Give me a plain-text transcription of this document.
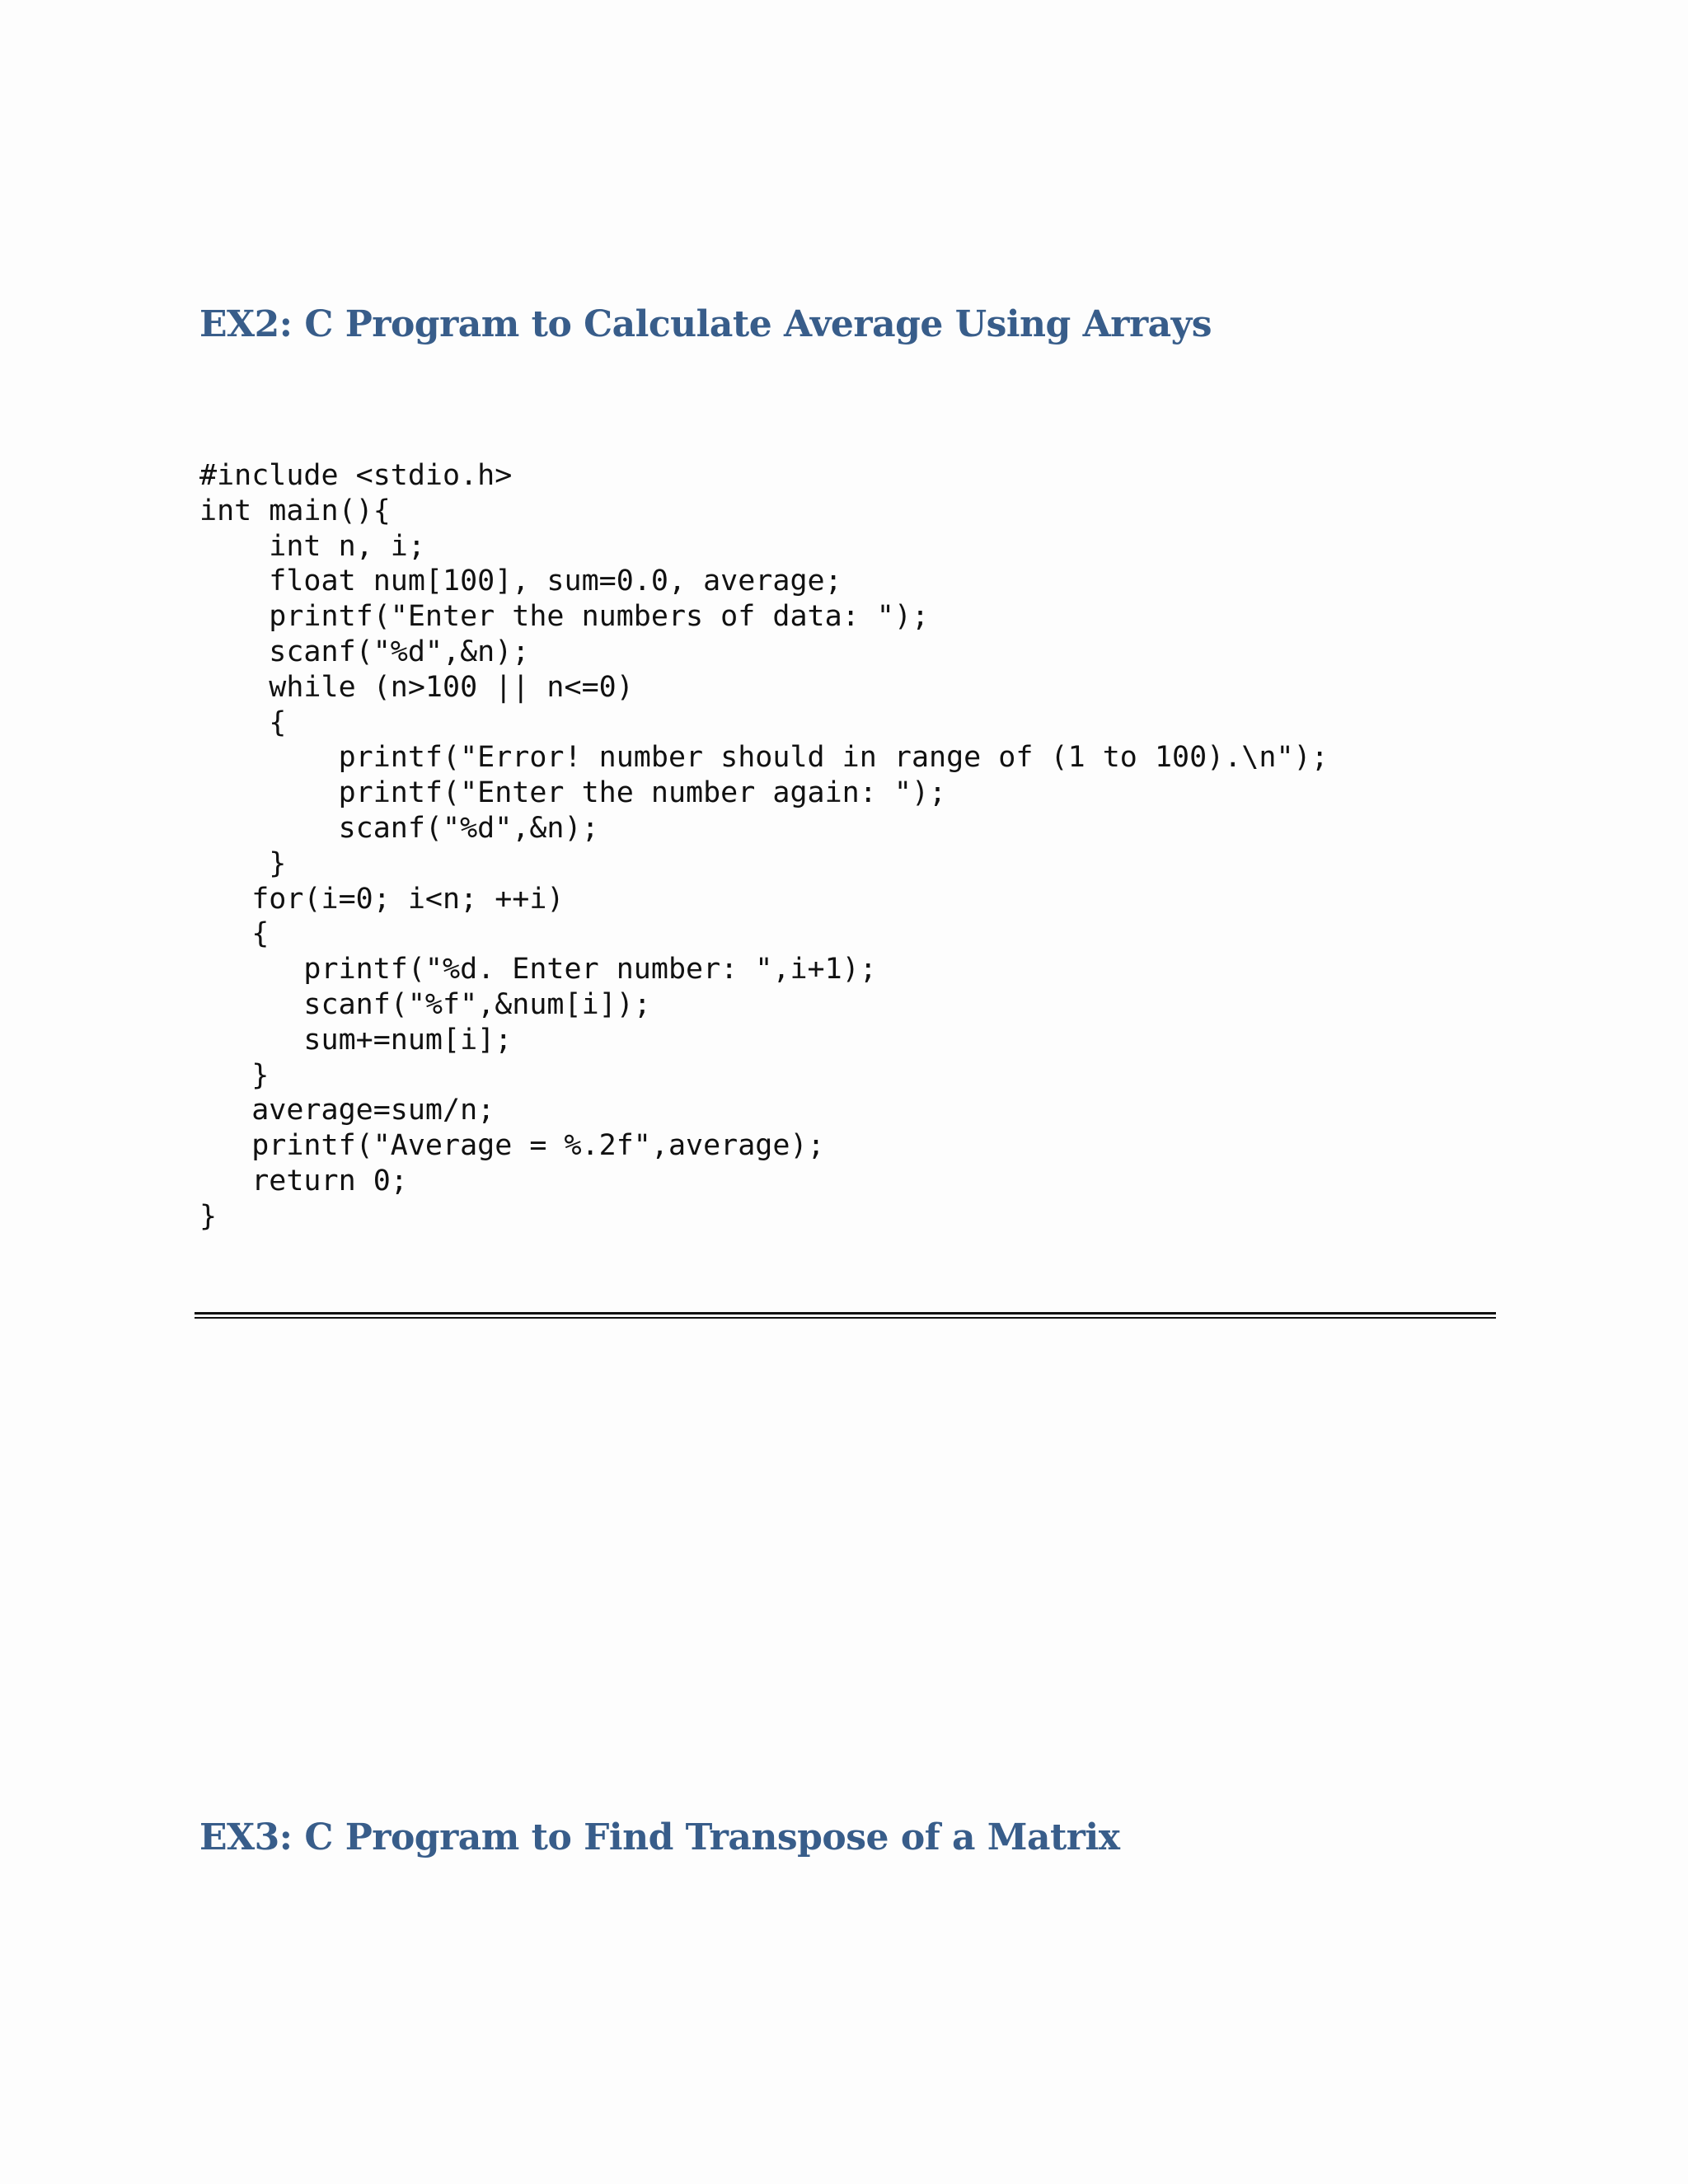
EX2: C Program to Calculate Average Using Arrays
#include <stdio.h>
int main(){
int n, i;
float num[100], sum=0.0, average;
printf("Enter the numbers of data: ");
scanf("%d",&n);
while (n>100 || n<=0)
{
printf("Error! number should in range of (1 to 100).\n");
printf("Enter the number again: ");
scanf("%d",&n);
}
for(i=0; i<n; ++i)
{
printf("%d. Enter number: ",i+1);
scanf("%f",&num[i]);
sum+=num[i];
}
average=sum/n;
printf("Average = %.2f",average);
return 0;
}
EX3: C Program to Find Transpose of a Matrix
